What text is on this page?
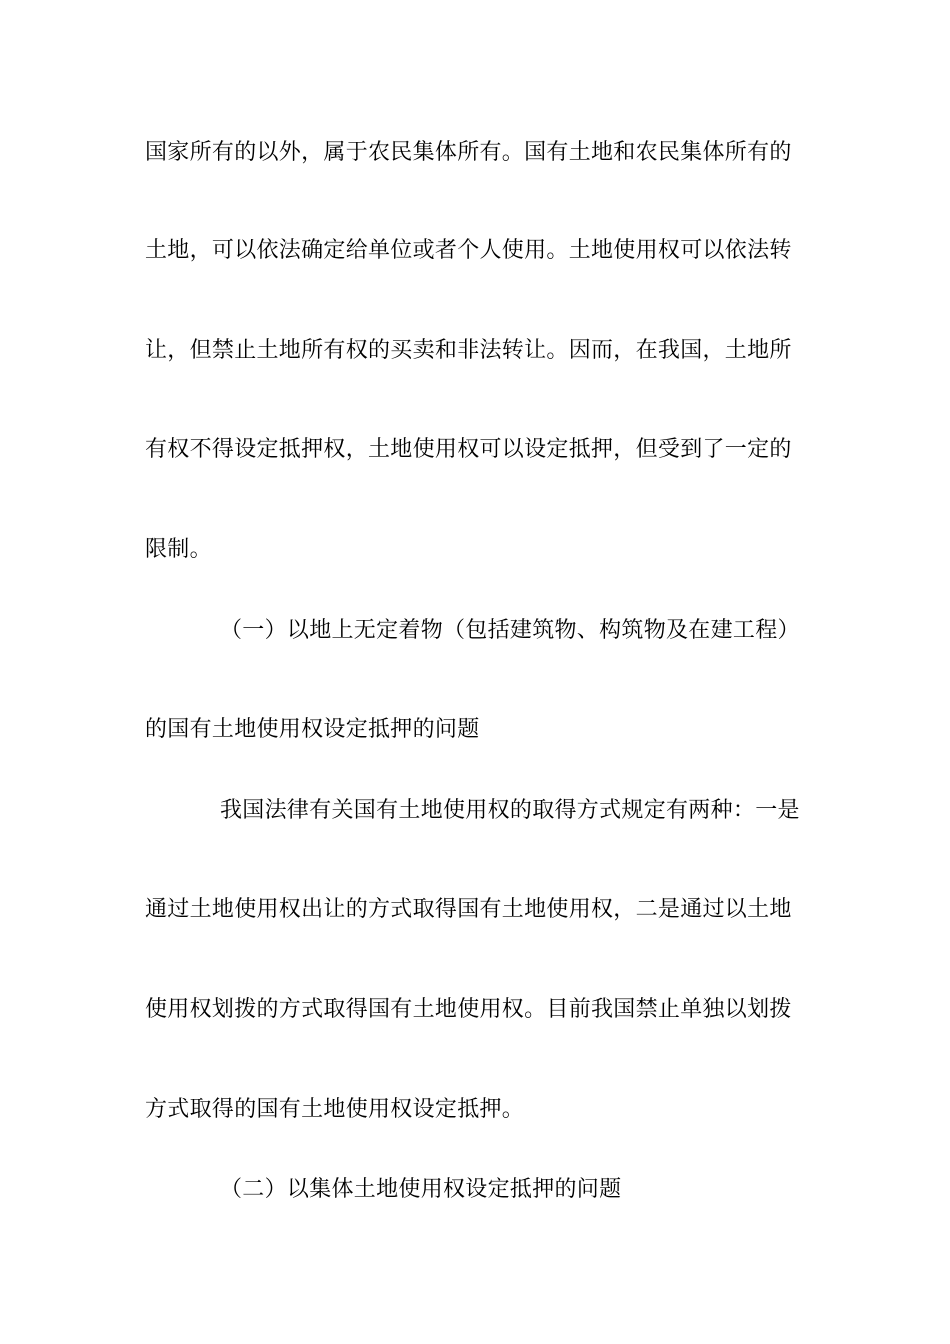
国家所有的以外，属于农民集体所有。国有土地和农民集体所有的
土地，可以依法确定给单位或者个人使用。土地使用权可以依法转
让，但禁止土地所有权的买卖和非法转让。因而，在我国，土地所
有权不得设定抵押权，土地使用权可以设定抵押，但受到了一定的
限制。
（一）以地上无定着物（包括建筑物、构筑物及在建工程）
的国有土地使用权设定抵押的问题
我国法律有关国有土地使用权的取得方式规定有两种：一是
通过土地使用权出让的方式取得国有土地使用权，二是通过以土地
使用权划拨的方式取得国有土地使用权。目前我国禁止单独以划拨
方式取得的国有土地使用权设定抵押。
（二）以集体土地使用权设定抵押的问题
